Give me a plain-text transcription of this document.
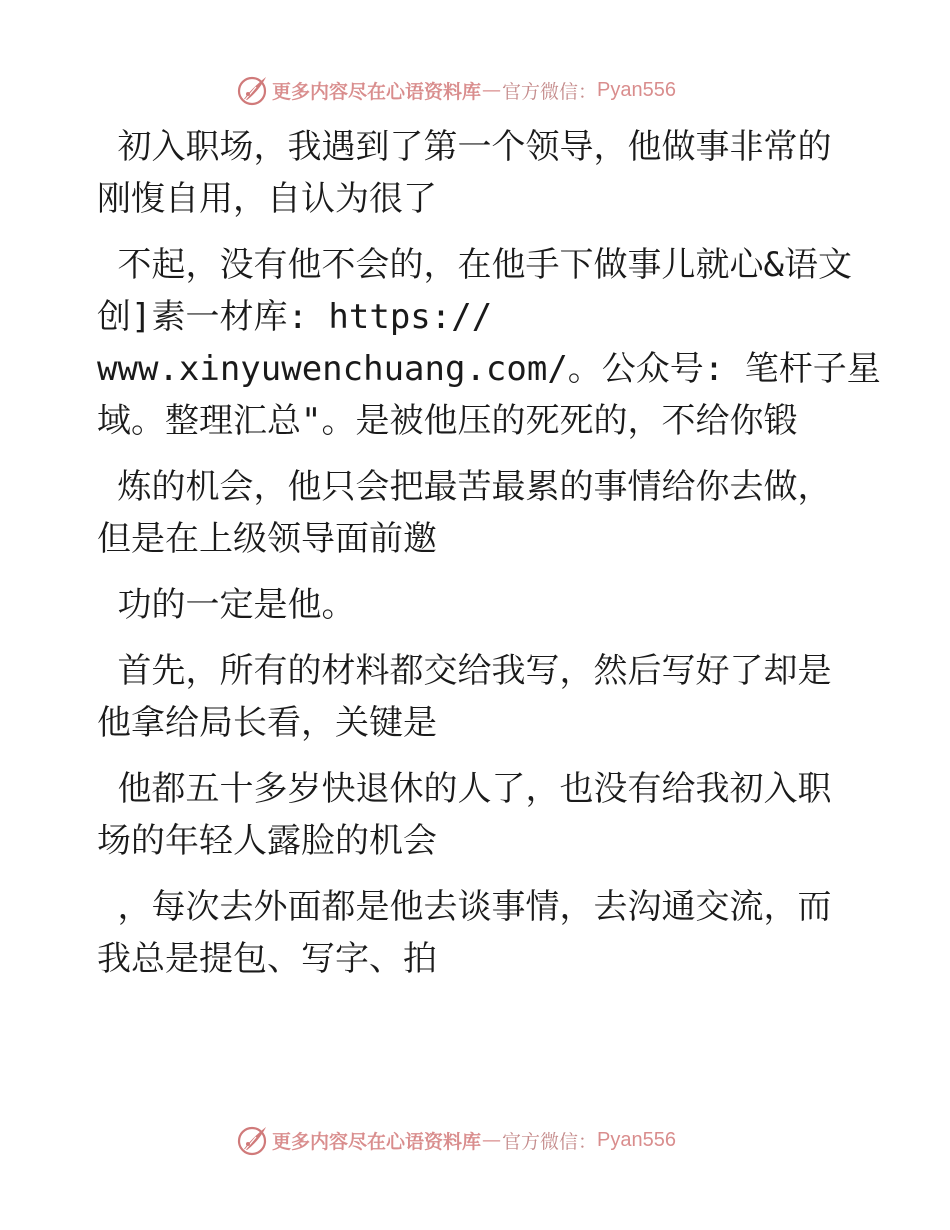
更多内容尽在心语资料库 — 官方微信： Pyan556
初入职场，我遇到了第一个领导，他做事非常的
刚愎自用，自认为很了
不起，没有他不会的，在他手下做事儿就心&语文
创]素一材库: https://
www.xinyuwenchuang.com/。公众号: 笔杆子星
域。整理汇总"。是被他压的死死的，不给你锻
炼的机会，他只会把最苦最累的事情给你去做，
但是在上级领导面前邀
功的一定是他。
首先，所有的材料都交给我写，然后写好了却是
他拿给局长看，关键是
他都五十多岁快退休的人了，也没有给我初入职
场的年轻人露脸的机会
，每次去外面都是他去谈事情，去沟通交流，而
我总是提包、写字、拍
更多内容尽在心语资料库 — 官方微信： Pyan556
